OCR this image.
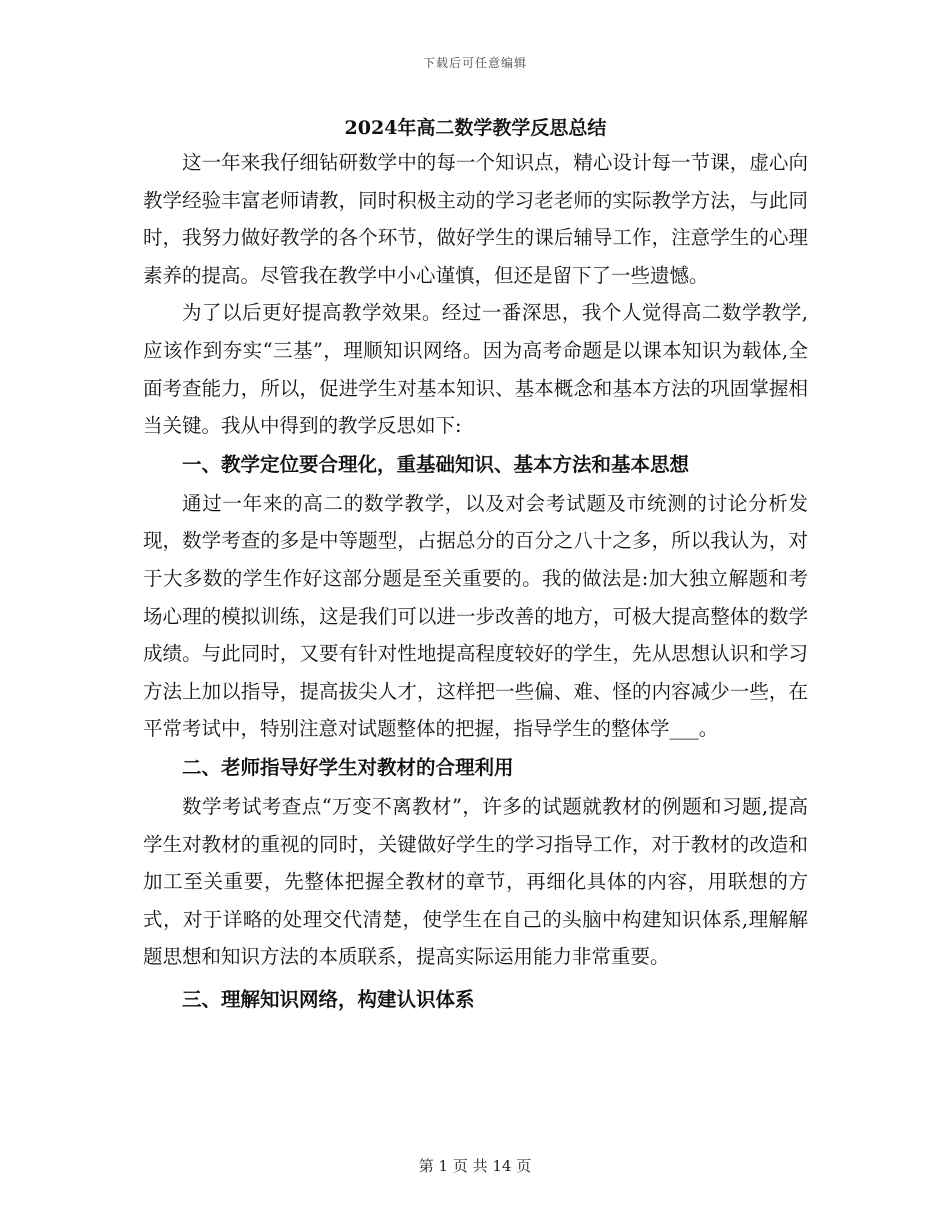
下载后可任意编辑
2024年高二数学教学反思总结

这一年来我仔细钻研数学中的每一个知识点，精心设计每一节课，虚心向教学经验丰富老师请教，同时积极主动的学习老老师的实际教学方法，与此同时，我努力做好教学的各个环节，做好学生的课后辅导工作，注意学生的心理素养的提高。尽管我在教学中小心谨慎，但还是留下了一些遗憾。

为了以后更好提高教学效果。经过一番深思，我个人觉得高二数学教学,应该作到夯实“三基”，理顺知识网络。因为高考命题是以课本知识为载体,全面考查能力，所以，促进学生对基本知识、基本概念和基本方法的巩固掌握相当关键。我从中得到的教学反思如下:

一、教学定位要合理化，重基础知识、基本方法和基本思想

通过一年来的高二的数学教学，以及对会考试题及市统测的讨论分析发现，数学考查的多是中等题型，占据总分的百分之八十之多，所以我认为，对于大多数的学生作好这部分题是至关重要的。我的做法是:加大独立解题和考场心理的模拟训练，这是我们可以进一步改善的地方，可极大提高整体的数学成绩。与此同时，又要有针对性地提高程度较好的学生，先从思想认识和学习方法上加以指导，提高拔尖人才，这样把一些偏、难、怪的内容减少一些，在平常考试中，特别注意对试题整体的把握，指导学生的整体学___。

二、老师指导好学生对教材的合理利用

数学考试考查点“万变不离教材”，许多的试题就教材的例题和习题,提高学生对教材的重视的同时，关键做好学生的学习指导工作，对于教材的改造和加工至关重要，先整体把握全教材的章节，再细化具体的内容，用联想的方式，对于详略的处理交代清楚，使学生在自己的头脑中构建知识体系,理解解题思想和知识方法的本质联系，提高实际运用能力非常重要。

三、理解知识网络，构建认识体系

第 1 页 共 14 页
